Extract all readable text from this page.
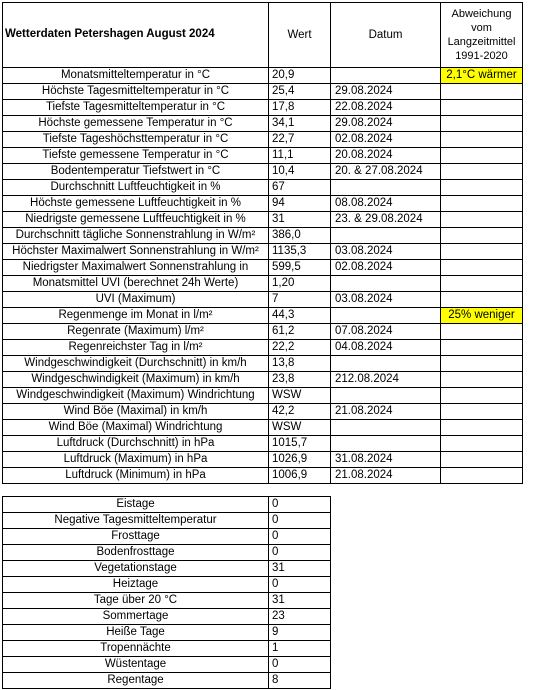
Wetterdaten Petershagen August 2024	Wert	Datum	Abweichung vom Langzeitmittel 1991-2020
Monatsmitteltemperatur in °C	20,9		2,1°C wärmer
Höchste Tagesmitteltemperatur in °C	25,4	29.08.2024	
Tiefste Tagesmitteltemperatur in °C	17,8	22.08.2024	
Höchste gemessene Temperatur in °C	34,1	29.08.2024	
Tiefste Tageshöchsttemperatur in °C	22,7	02.08.2024	
Tiefste gemessene Temperatur in °C	11,1	20.08.2024	
Bodentemperatur Tiefstwert in °C	10,4	20. & 27.08.2024	
Durchschnitt Luftfeuchtigkeit in %	67		
Höchste gemessene Luftfeuchtigkeit in %	94	08.08.2024	
Niedrigste gemessene Luftfeuchtigkeit in %	31	23. & 29.08.2024	
Durchschnitt tägliche Sonnenstrahlung in W/m²	386,0		
Höchster Maximalwert Sonnenstrahlung in W/m²	1135,3	03.08.2024	
Niedrigster Maximalwert Sonnenstrahlung in	599,5	02.08.2024	
Monatsmittel UVI (berechnet 24h Werte)	1,20		
UVI (Maximum)	7	03.08.2024	
Regenmenge im Monat in l/m²	44,3		25% weniger
Regenrate (Maximum) l/m²	61,2	07.08.2024	
Regenreichster Tag in l/m²	22,2	04.08.2024	
Windgeschwindigkeit (Durchschnitt) in km/h	13,8		
Windgeschwindigkeit (Maximum) in km/h	23,8	212.08.2024	
Windgeschwindigkeit (Maximum) Windrichtung	WSW		
Wind Böe (Maximal) in km/h	42,2	21.08.2024	
Wind Böe (Maximal) Windrichtung	WSW		
Luftdruck (Durchschnitt) in hPa	1015,7		
Luftdruck (Maximum) in hPa	1026,9	31.08.2024	
Luftdruck (Minimum) in hPa	1006,9	21.08.2024	
Eistage	0
Negative Tagesmitteltemperatur	0
Frosttage	0
Bodenfrosttage	0
Vegetationstage	31
Heiztage	0
Tage über 20 °C	31
Sommertage	23
Heiße Tage	9
Tropennächte	1
Wüstentage	0
Regentage	8
